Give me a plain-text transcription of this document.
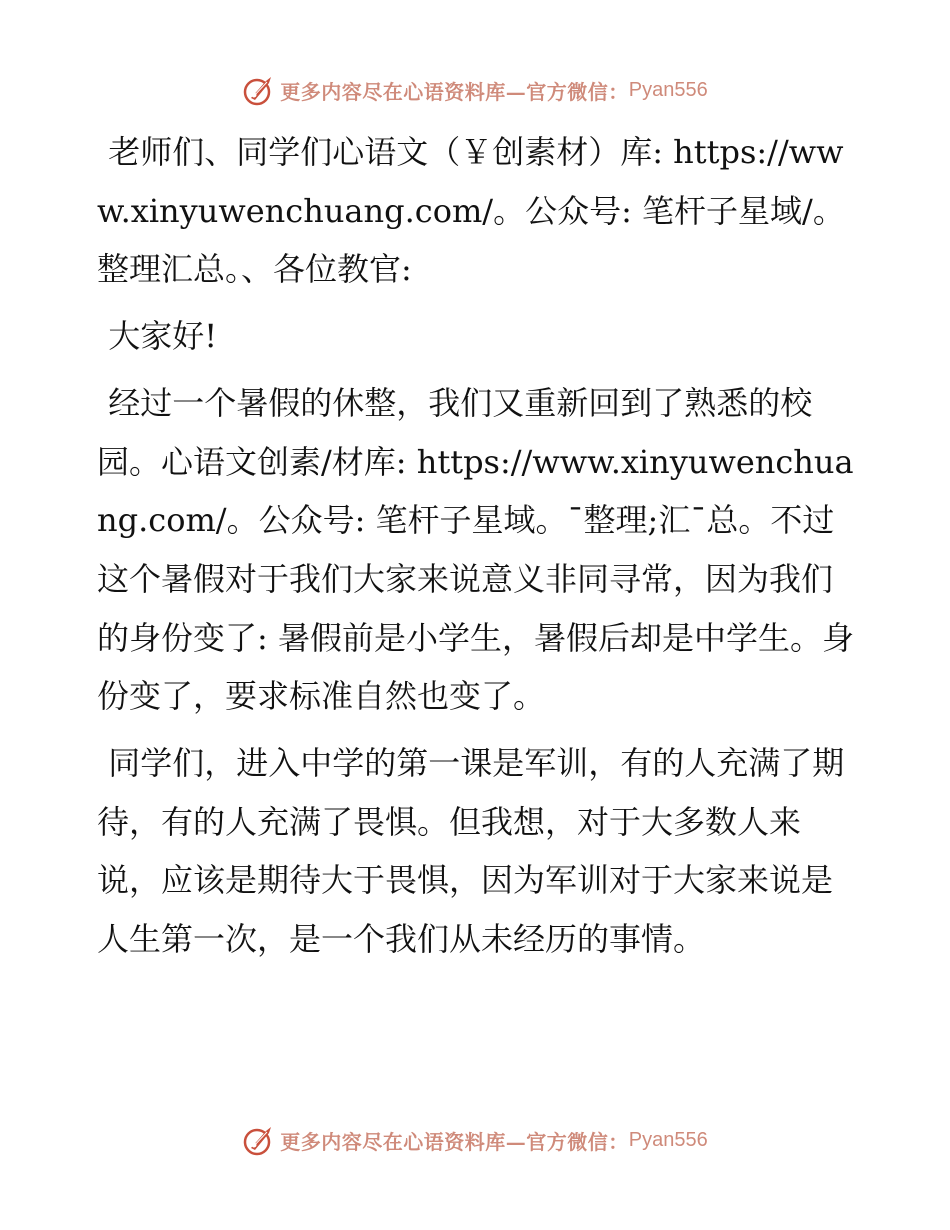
更多内容尽在心语资料库—官方微信： Pyan556

老师们、同学们心语文（￥创素材）库: https://www.xinyuwenchuang.com/。公众号: 笔杆子星域/。整理汇总。、各位教官:

大家好!

经过一个暑假的休整，我们又重新回到了熟悉的校园。心语文创素/材库: https://www.xinyuwenchuang.com/。公众号: 笔杆子星域。¯整理;汇¯总。不过这个暑假对于我们大家来说意义非同寻常，因为我们的身份变了: 暑假前是小学生，暑假后却是中学生。身份变了，要求标准自然也变了。

同学们，进入中学的第一课是军训，有的人充满了期待，有的人充满了畏惧。但我想，对于大多数人来说，应该是期待大于畏惧，因为军训对于大家来说是人生第一次，是一个我们从未经历的事情。

更多内容尽在心语资料库—官方微信： Pyan556
